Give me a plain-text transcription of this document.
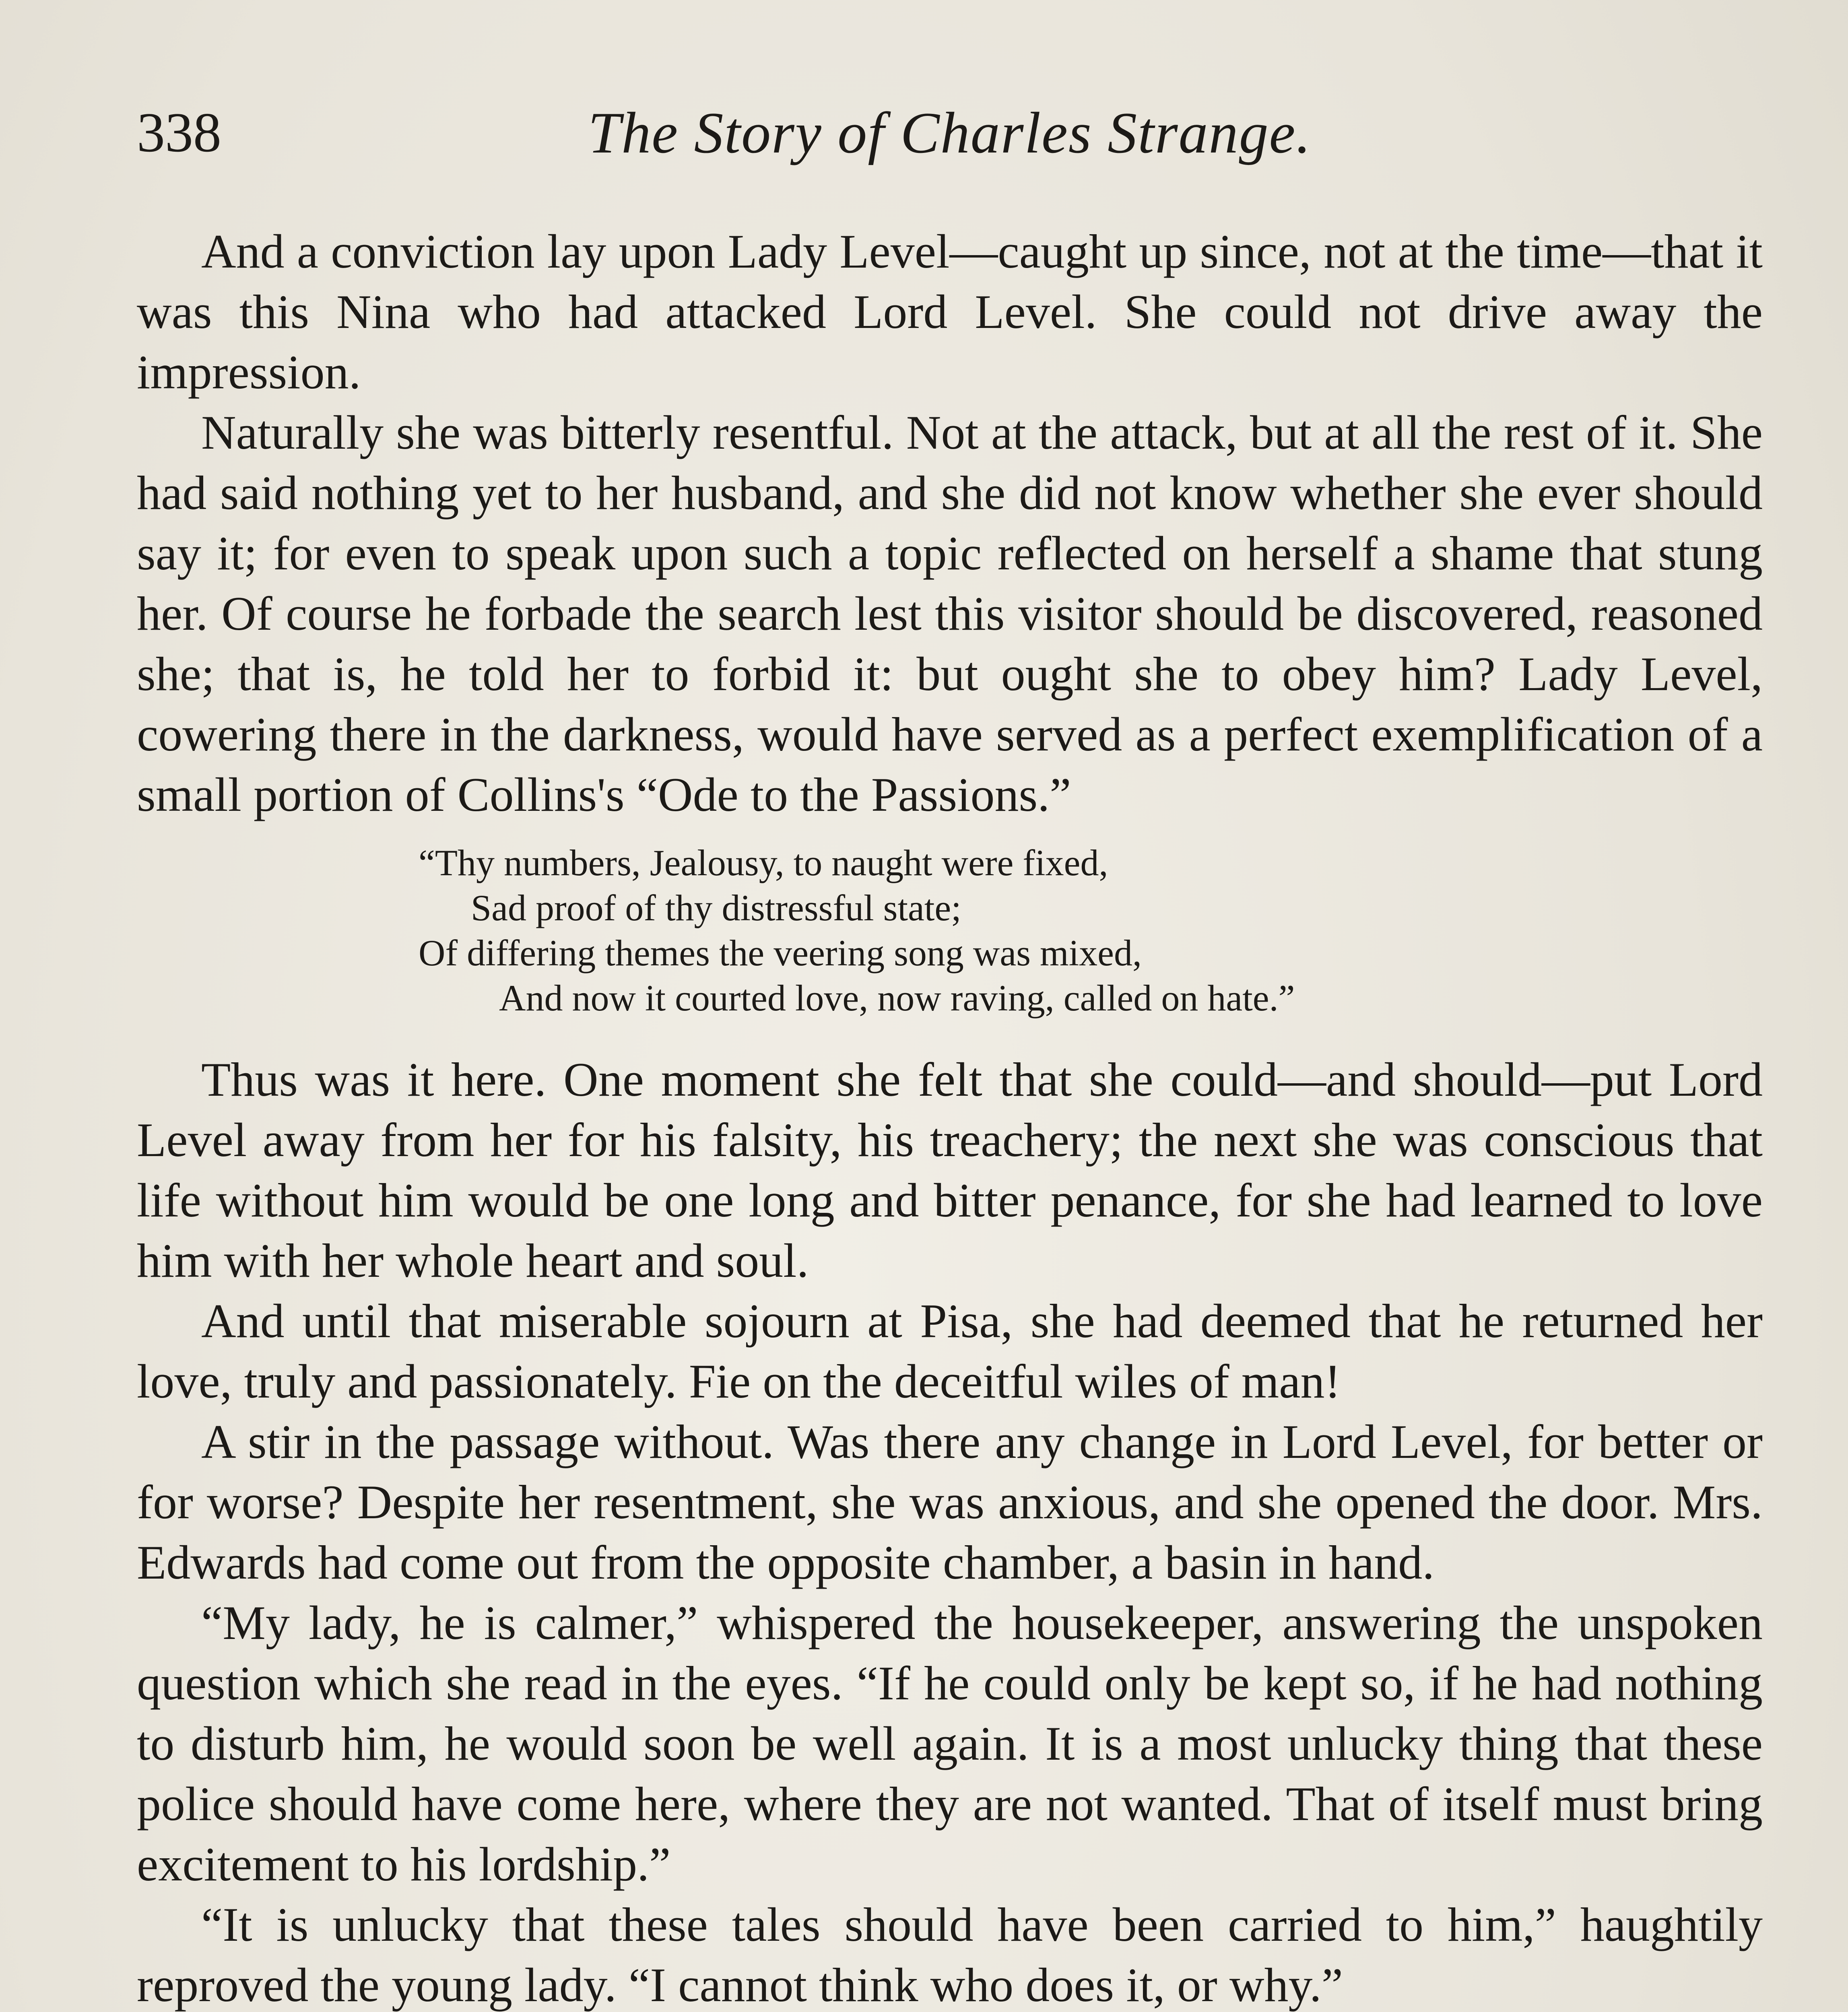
338	The Story of Charles Strange.

And a conviction lay upon Lady Level—caught up since, not at the time—that it was this Nina who had attacked Lord Level. She could not drive away the impression.

Naturally she was bitterly resentful. Not at the attack, but at all the rest of it. She had said nothing yet to her husband, and she did not know whether she ever should say it; for even to speak upon such a topic reflected on herself a shame that stung her. Of course he forbade the search lest this visitor should be discovered, reasoned she; that is, he told her to forbid it: but ought she to obey him? Lady Level, cowering there in the darkness, would have served as a perfect exemplification of a small portion of Collins's “Ode to the Passions.”

“Thy numbers, Jealousy, to naught were fixed,
Sad proof of thy distressful state;
Of differing themes the veering song was mixed,
And now it courted love, now raving, called on hate.”

Thus was it here. One moment she felt that she could—and should—put Lord Level away from her for his falsity, his treachery; the next she was conscious that life without him would be one long and bitter penance, for she had learned to love him with her whole heart and soul.

And until that miserable sojourn at Pisa, she had deemed that he returned her love, truly and passionately. Fie on the deceitful wiles of man!

A stir in the passage without. Was there any change in Lord Level, for better or for worse? Despite her resentment, she was anxious, and she opened the door. Mrs. Edwards had come out from the opposite chamber, a basin in hand.

“My lady, he is calmer,” whispered the housekeeper, answering the unspoken question which she read in the eyes. “If he could only be kept so, if he had nothing to disturb him, he would soon be well again. It is a most unlucky thing that these police should have come here, where they are not wanted. That of itself must bring excitement to his lordship.”

“It is unlucky that these tales should have been carried to him,” haughtily reproved the young lady. “I cannot think who does it, or why.”
